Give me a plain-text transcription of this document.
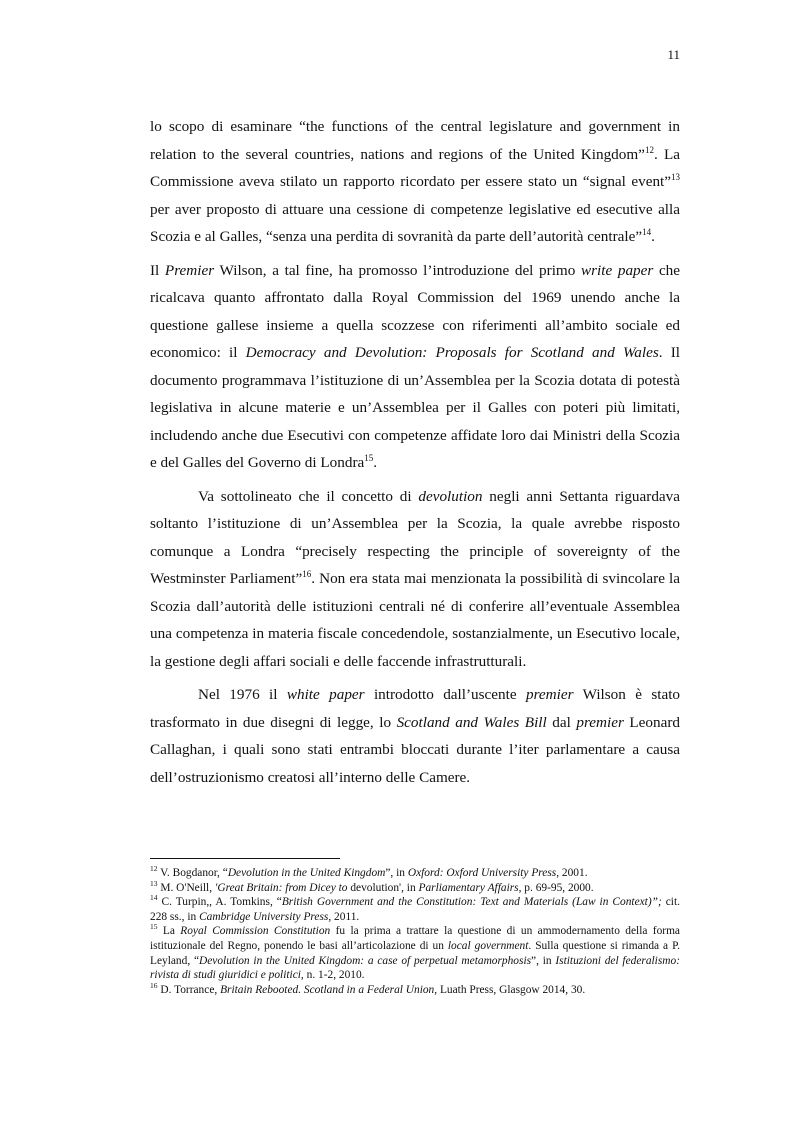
11

lo scopo di esaminare “the functions of the central legislature and government in relation to the several countries, nations and regions of the United Kingdom”$^{12}$. La Commissione aveva stilato un rapporto ricordato per essere stato un “signal event”$^{13}$ per aver proposto di attuare una cessione di competenze legislative ed esecutive alla Scozia e al Galles, “senza una perdita di sovranità da parte dell’autorità centrale”$^{14}$.

Il Premier Wilson, a tal fine, ha promosso l’introduzione del primo write paper che ricalcava quanto affrontato dalla Royal Commission del 1969 unendo anche la questione gallese insieme a quella scozzese con riferimenti all’ambito sociale ed economico: il Democracy and Devolution: Proposals for Scotland and Wales. Il documento programmava l’istituzione di un’Assemblea per la Scozia dotata di potestà legislativa in alcune materie e un’Assemblea per il Galles con poteri più limitati, includendo anche due Esecutivi con competenze affidate loro dai Ministri della Scozia e del Galles del Governo di Londra$^{15}$.

Va sottolineato che il concetto di devolution negli anni Settanta riguardava soltanto l’istituzione di un’Assemblea per la Scozia, la quale avrebbe risposto comunque a Londra “precisely respecting the principle of sovereignty of the Westminster Parliament”$^{16}$. Non era stata mai menzionata la possibilità di svincolare la Scozia dall’autorità delle istituzioni centrali né di conferire all’eventuale Assemblea una competenza in materia fiscale concedendole, sostanzialmente, un Esecutivo locale, la gestione degli affari sociali e delle faccende infrastrutturali.

Nel 1976 il white paper introdotto dall’uscente premier Wilson è stato trasformato in due disegni di legge, lo Scotland and Wales Bill dal premier Leonard Callaghan, i quali sono stati entrambi bloccati durante l’iter parlamentare a causa dell’ostruzionismo creatosi all’interno delle Camere.

$^{12}$ V. Bogdanor, “Devolution in the United Kingdom”, in Oxford: Oxford University Press, 2001.
$^{13}$ M. O'Neill, 'Great Britain: from Dicey to devolution', in Parliamentary Affairs, p. 69-95, 2000.
$^{14}$ C. Turpin,, A. Tomkins, “British Government and the Constitution: Text and Materials (Law in Context)”; cit. 228 ss., in Cambridge University Press, 2011.
$^{15}$ La Royal Commission Constitution fu la prima a trattare la questione di un ammodernamento della forma istituzionale del Regno, ponendo le basi all’articolazione di un local government. Sulla questione si rimanda a P. Leyland, “Devolution in the United Kingdom: a case of perpetual metamorphosis”, in Istituzioni del federalismo: rivista di studi giuridici e politici, n. 1-2, 2010.
$^{16}$ D. Torrance, Britain Rebooted. Scotland in a Federal Union, Luath Press, Glasgow 2014, 30.
